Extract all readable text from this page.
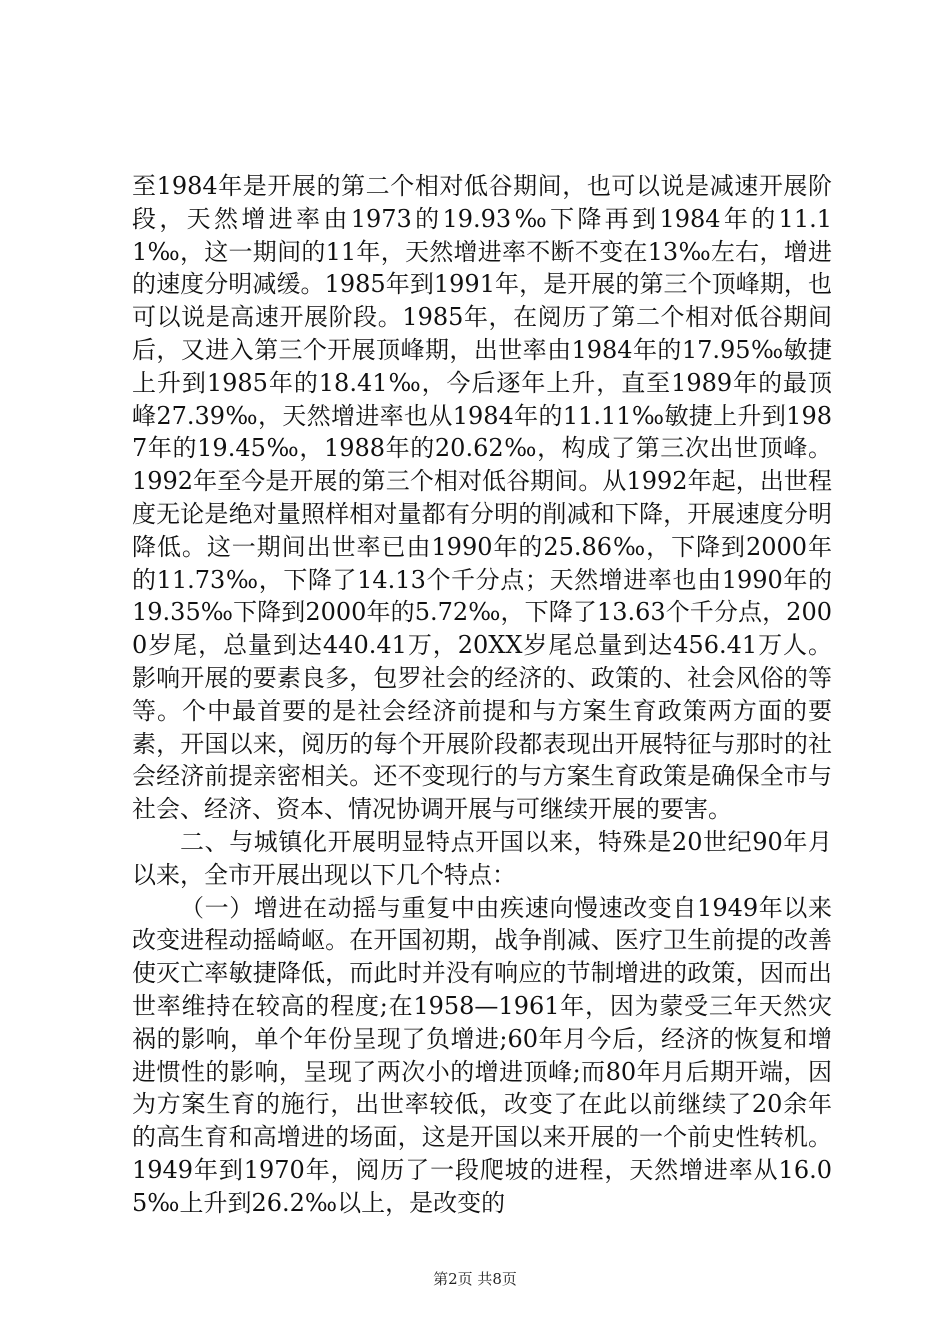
至1984年是开展的第二个相对低谷期间，也可以说是减速开展阶段，天然增进率由1973的19.93‰下降再到1984年的11.11‰，这一期间的11年，天然增进率不断不变在13‰左右，增进的速度分明减缓。1985年到1991年，是开展的第三个顶峰期，也可以说是高速开展阶段。1985年，在阅历了第二个相对低谷期间后，又进入第三个开展顶峰期，出世率由1984年的17.95‰敏捷上升到1985年的18.41‰，今后逐年上升，直至1989年的最顶峰27.39‰，天然增进率也从1984年的11.11‰敏捷上升到1987年的19.45‰，1988年的20.62‰，构成了第三次出世顶峰。1992年至今是开展的第三个相对低谷期间。从1992年起，出世程度无论是绝对量照样相对量都有分明的削减和下降，开展速度分明降低。这一期间出世率已由1990年的25.86‰，下降到2000年的11.73‰，下降了14.13个千分点；天然增进率也由1990年的19.35‰下降到2000年的5.72‰，下降了13.63个千分点，2000岁尾，总量到达440.41万，20XX岁尾总量到达456.41万人。影响开展的要素良多，包罗社会的经济的、政策的、社会风俗的等等。个中最首要的是社会经济前提和与方案生育政策两方面的要素，开国以来，阅历的每个开展阶段都表现出开展特征与那时的社会经济前提亲密相关。还不变现行的与方案生育政策是确保全市与社会、经济、资本、情况协调开展与可继续开展的要害。

二、与城镇化开展明显特点开国以来，特殊是20世纪90年月以来，全市开展出现以下几个特点：

（一）增进在动摇与重复中由疾速向慢速改变自1949年以来改变进程动摇崎岖。在开国初期，战争削减、医疗卫生前提的改善使灭亡率敏捷降低，而此时并没有响应的节制增进的政策，因而出世率维持在较高的程度;在1958—1961年，因为蒙受三年天然灾祸的影响，单个年份呈现了负增进;60年月今后，经济的恢复和增进惯性的影响，呈现了两次小的增进顶峰;而80年月后期开端，因为方案生育的施行，出世率较低，改变了在此以前继续了20余年的高生育和高增进的场面，这是开国以来开展的一个前史性转机。1949年到1970年，阅历了一段爬坡的进程，天然增进率从16.05‰上升到26.2‰以上，是改变的

第2页 共8页
